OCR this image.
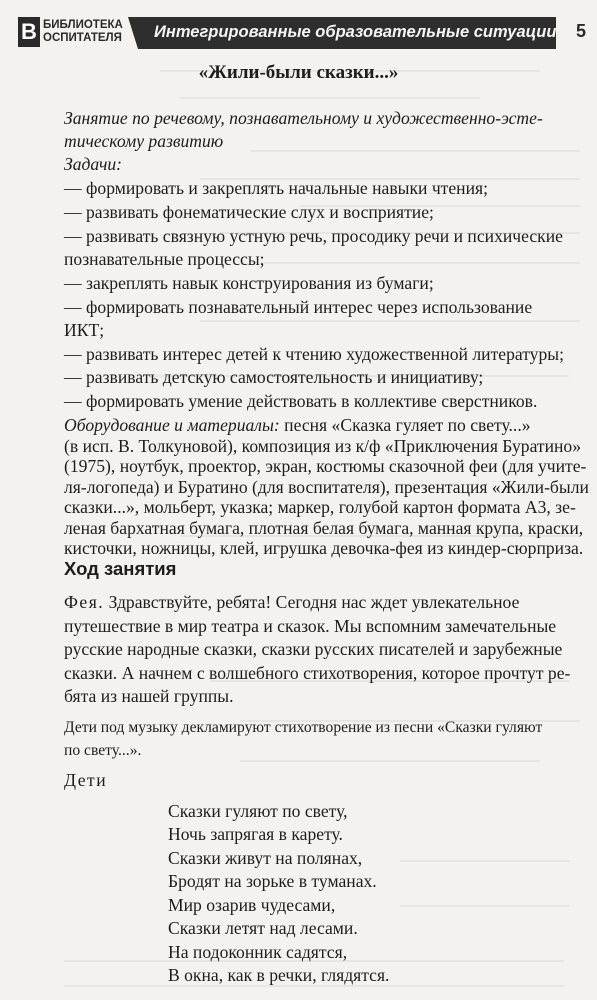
В БИБЛИОТЕКА
ОСПИТАТЕЛЯ Интегрированные образовательные ситуации 5
«Жили-были сказки...»
Занятие по речевому, познавательному и художественно-эсте-
тическому развитию
Задачи:
— формировать и закреплять начальные навыки чтения;
— развивать фонематические слух и восприятие;
— развивать связную устную речь, просодику речи и психические
познавательные процессы;
— закреплять навык конструирования из бумаги;
— формировать познавательный интерес через использование
ИКТ;
— развивать интерес детей к чтению художественной литературы;
— развивать детскую самостоятельность и инициативу;
— формировать умение действовать в коллективе сверстников.
Оборудование и материалы: песня «Сказка гуляет по свету...»
(в исп. В. Толкуновой), композиция из к/ф «Приключения Буратино»
(1975), ноутбук, проектор, экран, костюмы сказочной феи (для учите-
ля-логопеда) и Буратино (для воспитателя), презентация «Жили-были
сказки...», мольберт, указка; маркер, голубой картон формата А3, зе-
леная бархатная бумага, плотная белая бумага, манная крупа, краски,
кисточки, ножницы, клей, игрушка девочка-фея из киндер-сюрприза.
Ход занятия
Фея. Здравствуйте, ребята! Сегодня нас ждет увлекательное
путешествие в мир театра и сказок. Мы вспомним замечательные
русские народные сказки, сказки русских писателей и зарубежные
сказки. А начнем с волшебного стихотворения, которое прочтут ре-
бята из нашей группы.
Дети под музыку декламируют стихотворение из песни «Сказки гуляют
по свету...».
Дети
Сказки гуляют по свету,
Ночь запрягая в карету.
Сказки живут на полянах,
Бродят на зорьке в туманах.
Мир озарив чудесами,
Сказки летят над лесами.
На подоконник садятся,
В окна, как в речки, глядятся.
